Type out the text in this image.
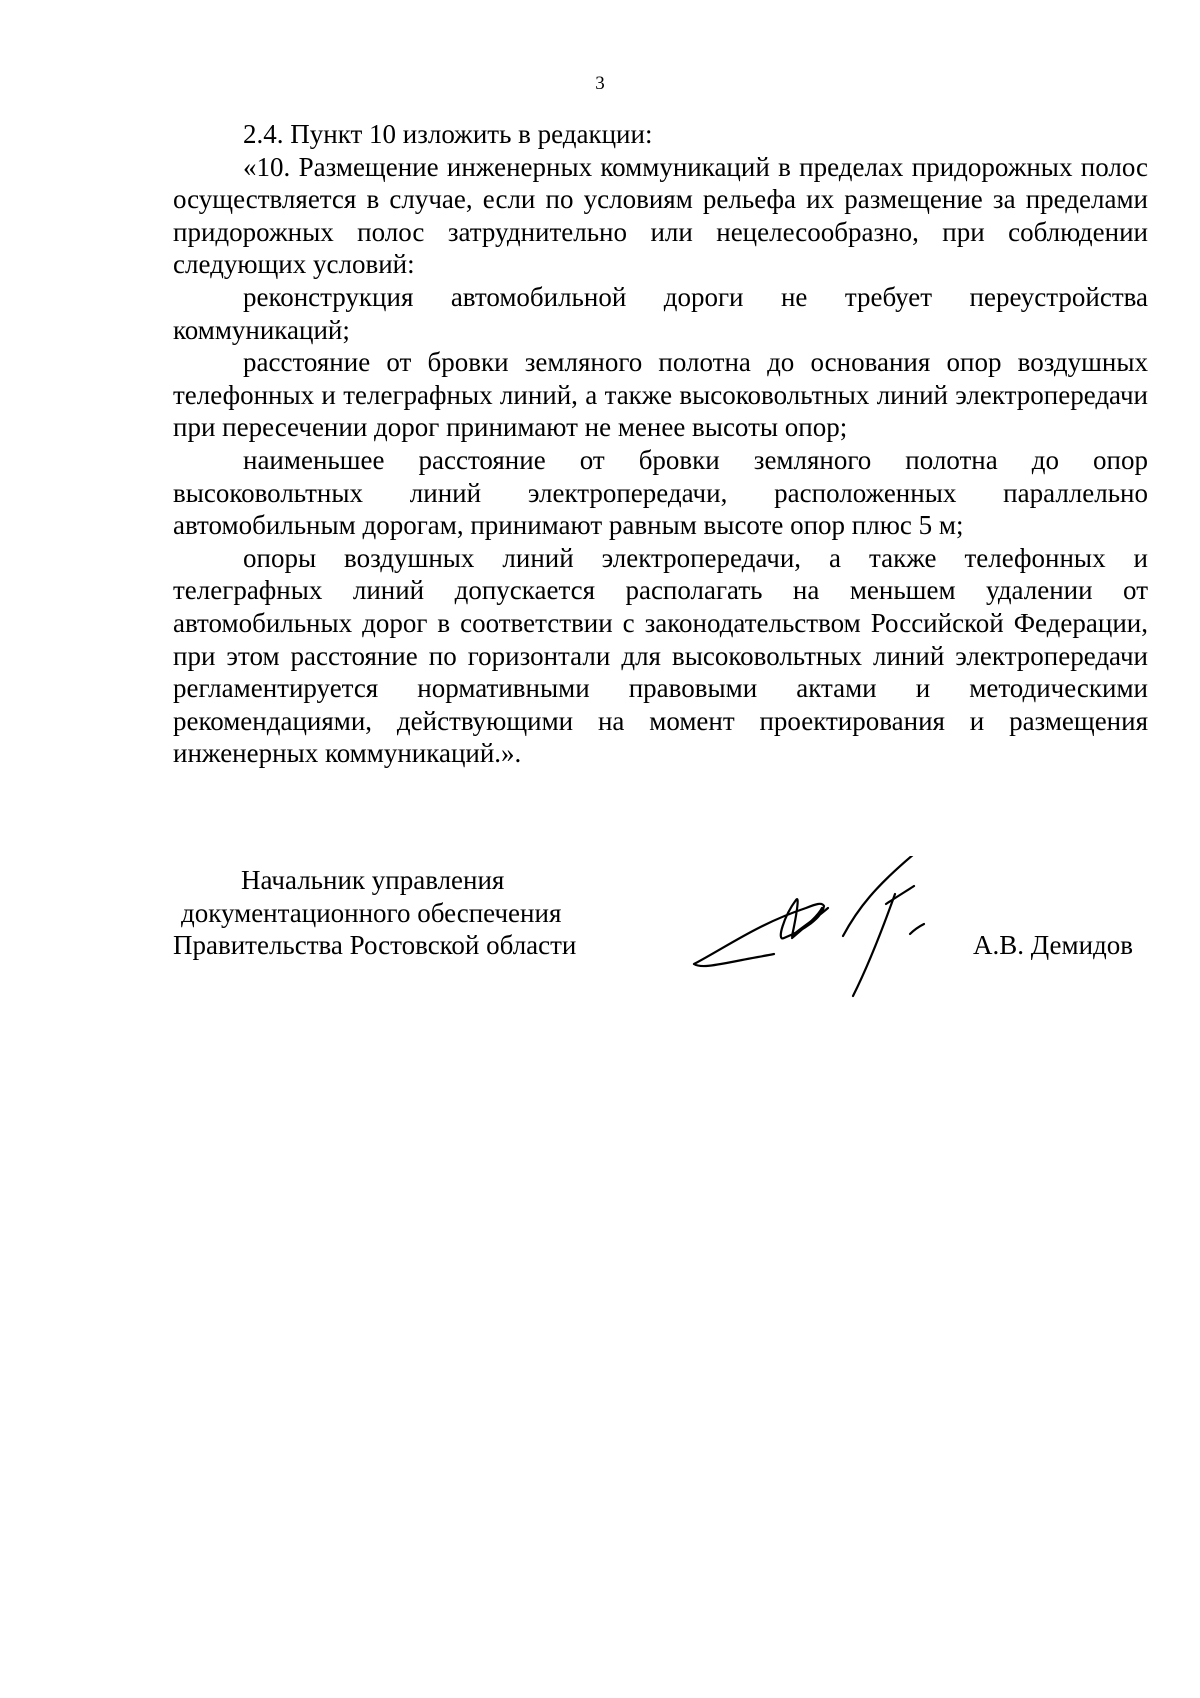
3

2.4. Пункт 10 изложить в редакции:

«10. Размещение инженерных коммуникаций в пределах придорожных полос осуществляется в случае, если по условиям рельефа их размещение за пределами придорожных полос затруднительно или нецелесообразно, при соблюдении следующих условий:

реконструкция автомобильной дороги не требует переустройства коммуникаций;

расстояние от бровки земляного полотна до основания опор воздушных телефонных и телеграфных линий, а также высоковольтных линий электропередачи при пересечении дорог принимают не менее высоты опор;

наименьшее расстояние от бровки земляного полотна до опор высоковольтных линий электропередачи, расположенных параллельно автомобильным дорогам, принимают равным высоте опор плюс 5 м;

опоры воздушных линий электропередачи, а также телефонных и телеграфных линий допускается располагать на меньшем удалении от автомобильных дорог в соответствии с законодательством Российской Федерации, при этом расстояние по горизонтали для высоковольтных линий электропередачи регламентируется нормативными правовыми актами и методическими рекомендациями, действующими на момент проектирования и размещения инженерных коммуникаций.».

Начальник управления
документационного обеспечения
Правительства Ростовской области	А.В. Демидов
